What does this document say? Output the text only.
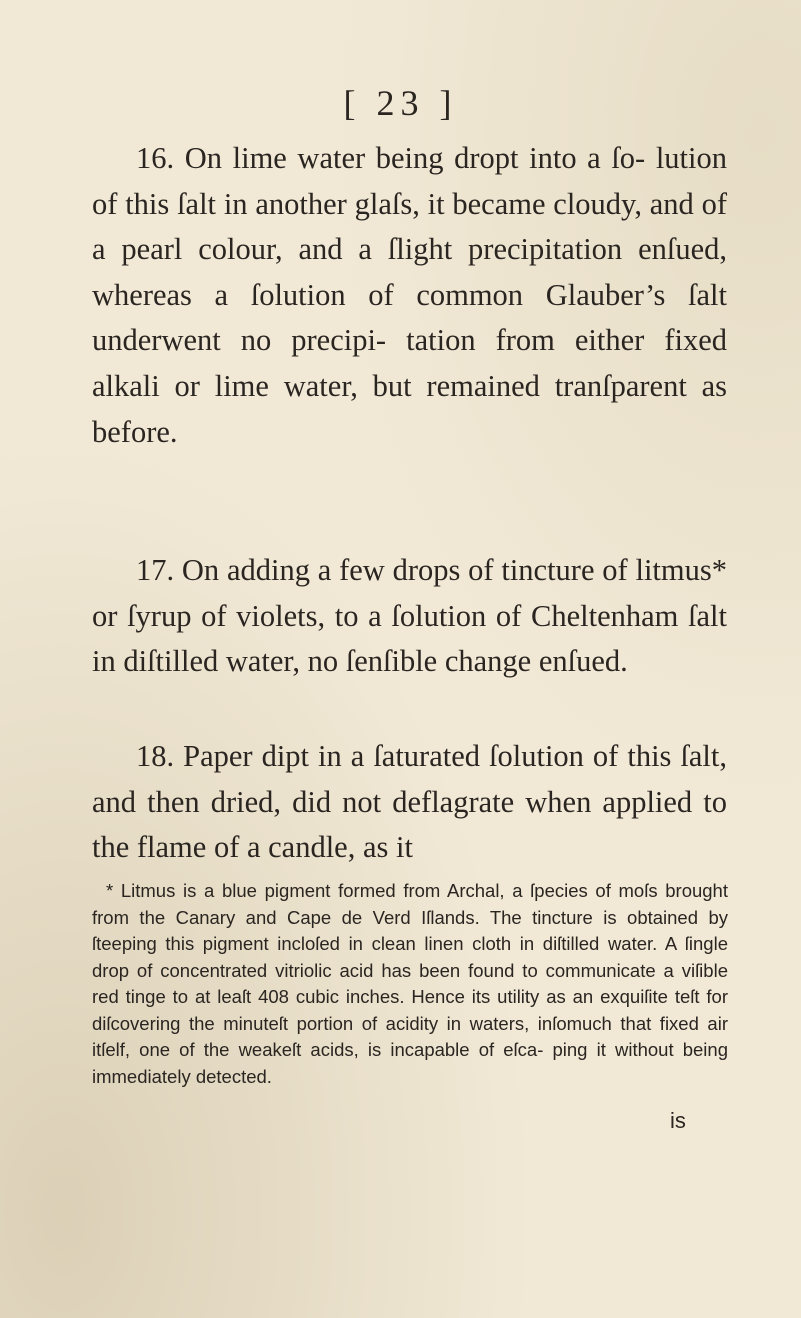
[ 23 ]

16. On lime water being dropt into a ſo- lution of this ſalt in another glaſs, it became cloudy, and of a pearl colour, and a ſlight precipitation enſued, whereas a ſolution of common Glauber’s ſalt underwent no precipi- tation from either fixed alkali or lime water, but remained tranſparent as before.

17. On adding a few drops of tincture of litmus* or ſyrup of violets, to a ſolution of Cheltenham ſalt in diſtilled water, no ſenſible change enſued.

18. Paper dipt in a ſaturated ſolution of this ſalt, and then dried, did not deflagrate when applied to the flame of a candle, as it

* Litmus is a blue pigment formed from Archal, a ſpecies of moſs brought from the Canary and Cape de Verd Iſlands. The tincture is obtained by ſteeping this pigment incloſed in clean linen cloth in diſtilled water. A ſingle drop of concentrated vitriolic acid has been found to communicate a viſible red tinge to at leaſt 408 cubic inches. Hence its utility as an exquiſite teſt for diſcovering the minuteſt portion of acidity in waters, inſomuch that fixed air itſelf, one of the weakeſt acids, is incapable of eſca- ping it without being immediately detected.

is
